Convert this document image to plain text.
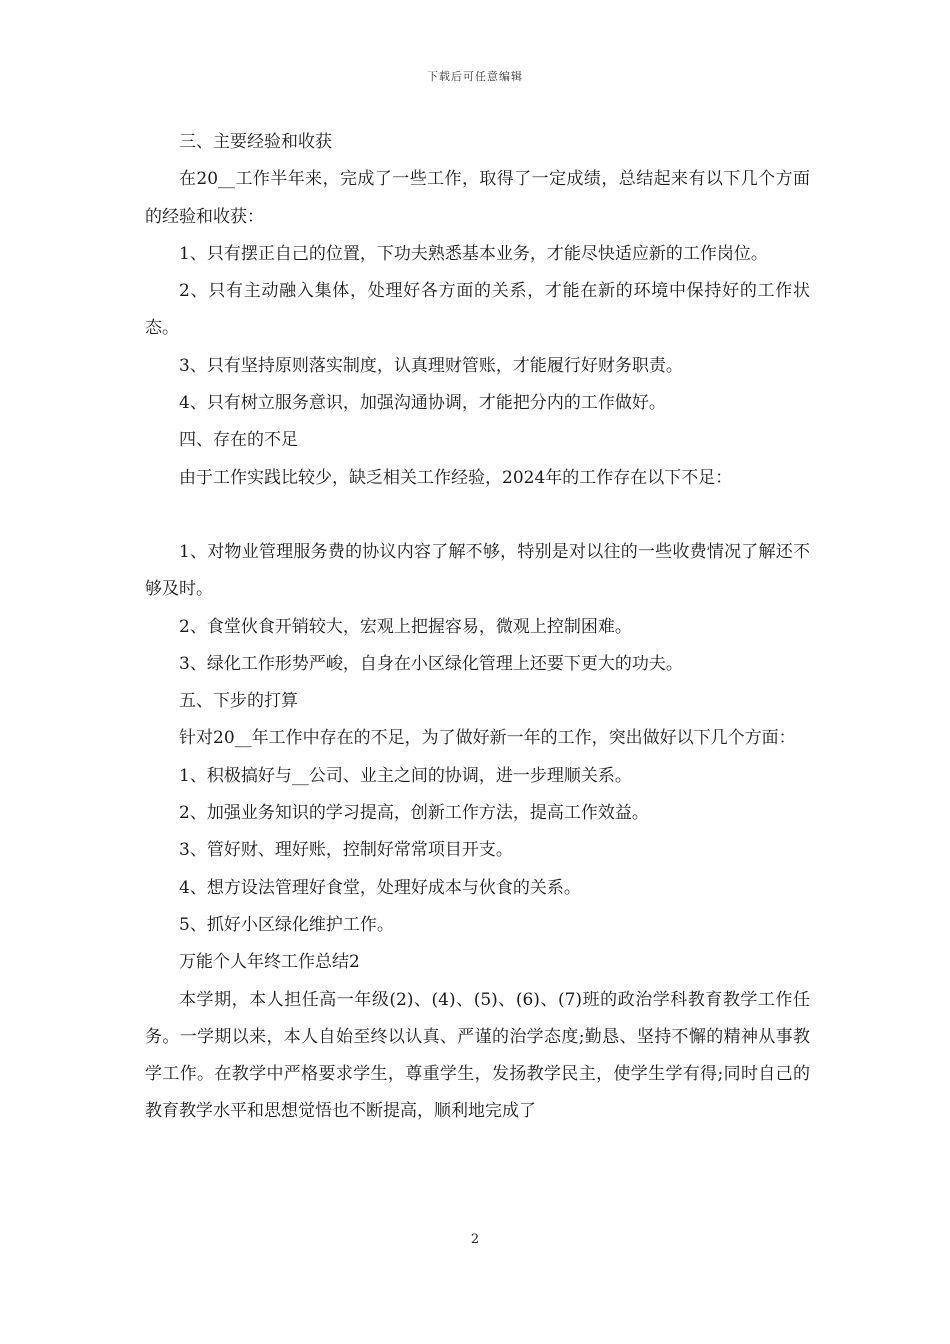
下载后可任意编辑

三、主要经验和收获

在20__工作半年来，完成了一些工作，取得了一定成绩，总结起来有以下几个方面的经验和收获：

1、只有摆正自己的位置，下功夫熟悉基本业务，才能尽快适应新的工作岗位。

2、只有主动融入集体，处理好各方面的关系，才能在新的环境中保持好的工作状态。

3、只有坚持原则落实制度，认真理财管账，才能履行好财务职责。

4、只有树立服务意识，加强沟通协调，才能把分内的工作做好。

四、存在的不足

由于工作实践比较少，缺乏相关工作经验，2024年的工作存在以下不足：

1、对物业管理服务费的协议内容了解不够，特别是对以往的一些收费情况了解还不够及时。

2、食堂伙食开销较大，宏观上把握容易，微观上控制困难。

3、绿化工作形势严峻，自身在小区绿化管理上还要下更大的功夫。

五、下步的打算

针对20__年工作中存在的不足，为了做好新一年的工作，突出做好以下几个方面：

1、积极搞好与__公司、业主之间的协调，进一步理顺关系。

2、加强业务知识的学习提高，创新工作方法，提高工作效益。

3、管好财、理好账，控制好常常项目开支。

4、想方设法管理好食堂，处理好成本与伙食的关系。

5、抓好小区绿化维护工作。

万能个人年终工作总结2

本学期，本人担任高一年级(2)、(4)、(5)、(6)、(7)班的政治学科教育教学工作任务。一学期以来，本人自始至终以认真、严谨的治学态度;勤恳、坚持不懈的精神从事教学工作。在教学中严格要求学生，尊重学生，发扬教学民主，使学生学有得;同时自己的教育教学水平和思想觉悟也不断提高，顺利地完成了

2
